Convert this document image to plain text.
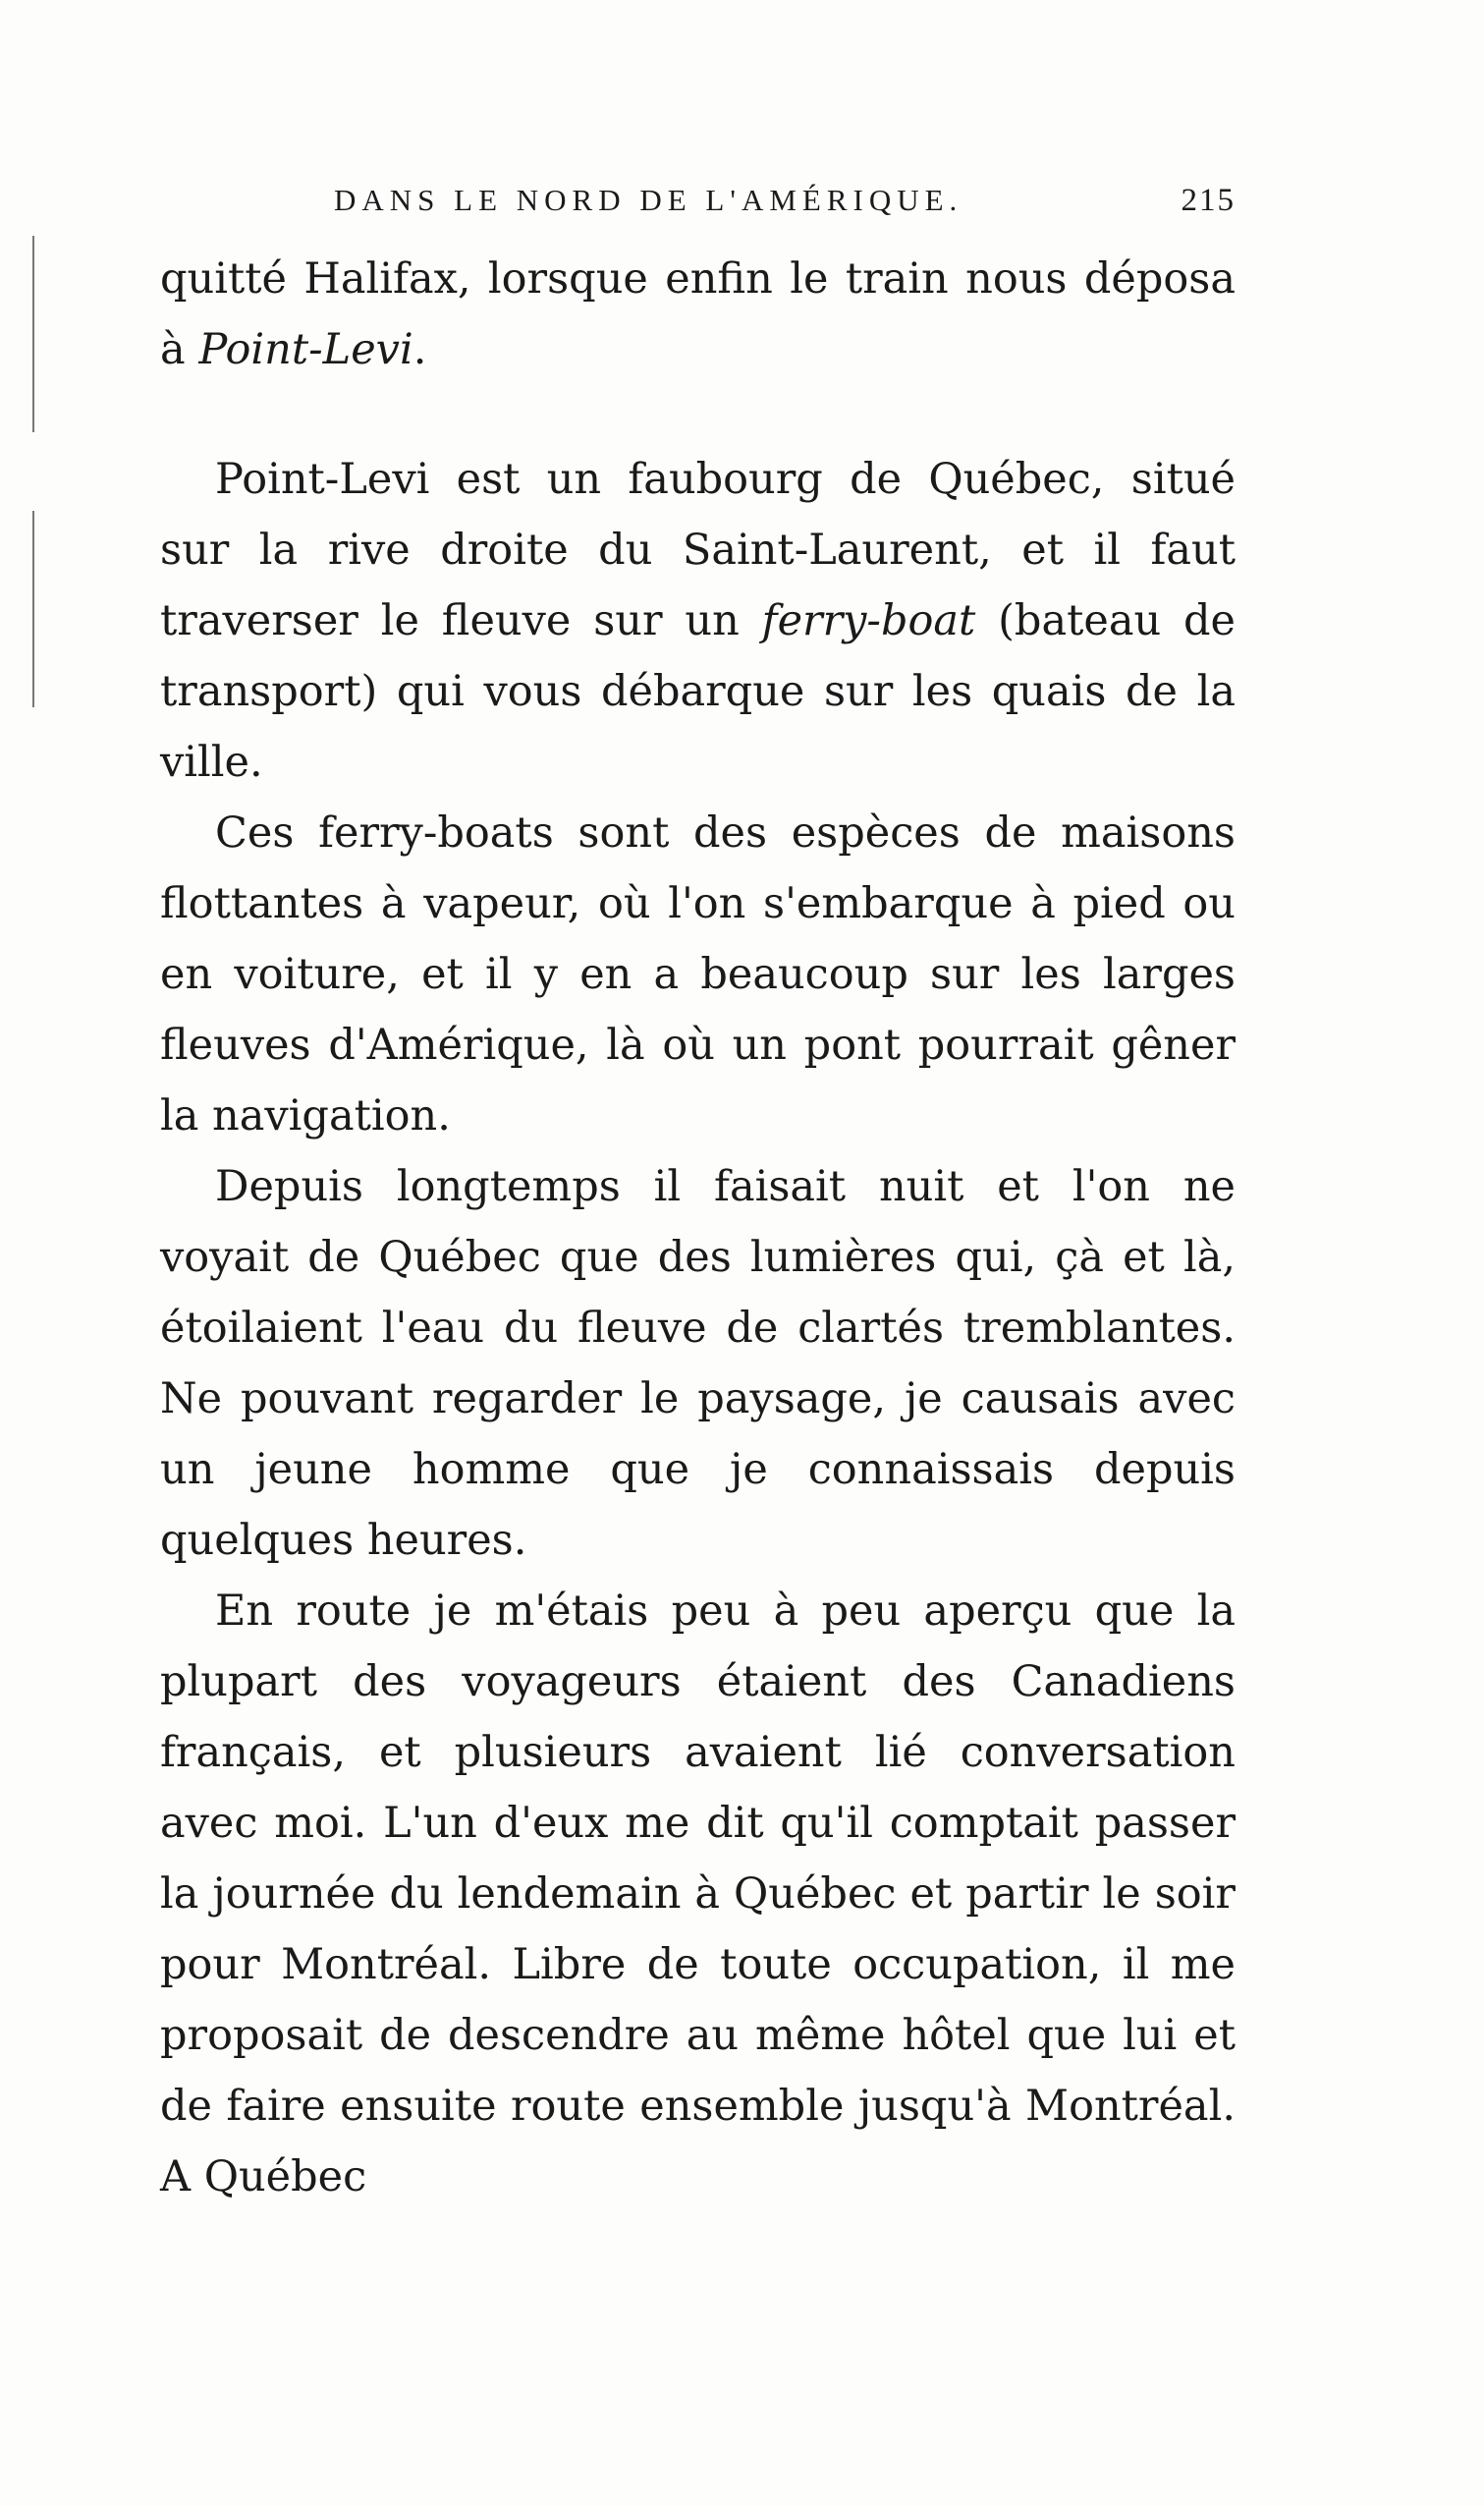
DANS LE NORD DE L'AMÉRIQUE.	215

quitté Halifax, lorsque enfin le train nous déposa à Point-Levi.

Point-Levi est un faubourg de Québec, situé sur la rive droite du Saint-Laurent, et il faut traverser le fleuve sur un ferry-boat (bateau de transport) qui vous débarque sur les quais de la ville.

Ces ferry-boats sont des espèces de maisons flottantes à vapeur, où l'on s'embarque à pied ou en voiture, et il y en a beaucoup sur les larges fleuves d'Amérique, là où un pont pourrait gêner la navigation.

Depuis longtemps il faisait nuit et l'on ne voyait de Québec que des lumières qui, çà et là, étoilaient l'eau du fleuve de clartés tremblantes. Ne pouvant regarder le paysage, je causais avec un jeune homme que je connaissais depuis quelques heures.

En route je m'étais peu à peu aperçu que la plupart des voyageurs étaient des Canadiens français, et plusieurs avaient lié conversation avec moi. L'un d'eux me dit qu'il comptait passer la journée du lendemain à Québec et partir le soir pour Montréal. Libre de toute occupation, il me proposait de descendre au même hôtel que lui et de faire ensuite route ensemble jusqu'à Montréal. A Québec
